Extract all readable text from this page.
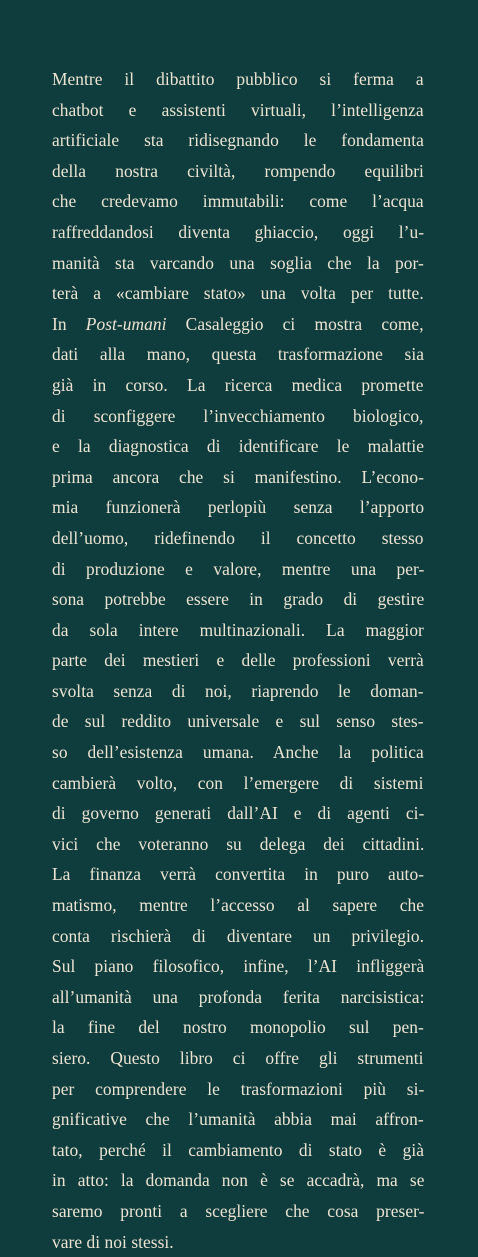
Mentre il dibattito pubblico si ferma a
chatbot e assistenti virtuali, l’intelligenza
artificiale sta ridisegnando le fondamenta
della nostra civiltà, rompendo equilibri
che credevamo immutabili: come l’acqua
raffreddandosi diventa ghiaccio, oggi l’u-
manità sta varcando una soglia che la por-
terà a «cambiare stato» una volta per tutte.
In Post-umani Casaleggio ci mostra come,
dati alla mano, questa trasformazione sia
già in corso. La ricerca medica promette
di sconfiggere l’invecchiamento biologico,
e la diagnostica di identificare le malattie
prima ancora che si manifestino. L’econo-
mia funzionerà perlopiù senza l’apporto
dell’uomo, ridefinendo il concetto stesso
di produzione e valore, mentre una per-
sona potrebbe essere in grado di gestire
da sola intere multinazionali. La maggior
parte dei mestieri e delle professioni verrà
svolta senza di noi, riaprendo le doman-
de sul reddito universale e sul senso stes-
so dell’esistenza umana. Anche la politica
cambierà volto, con l’emergere di sistemi
di governo generati dall’AI e di agenti ci-
vici che voteranno su delega dei cittadini.
La finanza verrà convertita in puro auto-
matismo, mentre l’accesso al sapere che
conta rischierà di diventare un privilegio.
Sul piano filosofico, infine, l’AI infliggerà
all’umanità una profonda ferita narcisistica:
la fine del nostro monopolio sul pen-
siero. Questo libro ci offre gli strumenti
per comprendere le trasformazioni più si-
gnificative che l’umanità abbia mai affron-
tato, perché il cambiamento di stato è già
in atto: la domanda non è se accadrà, ma se
saremo pronti a scegliere che cosa preser-
vare di noi stessi.
